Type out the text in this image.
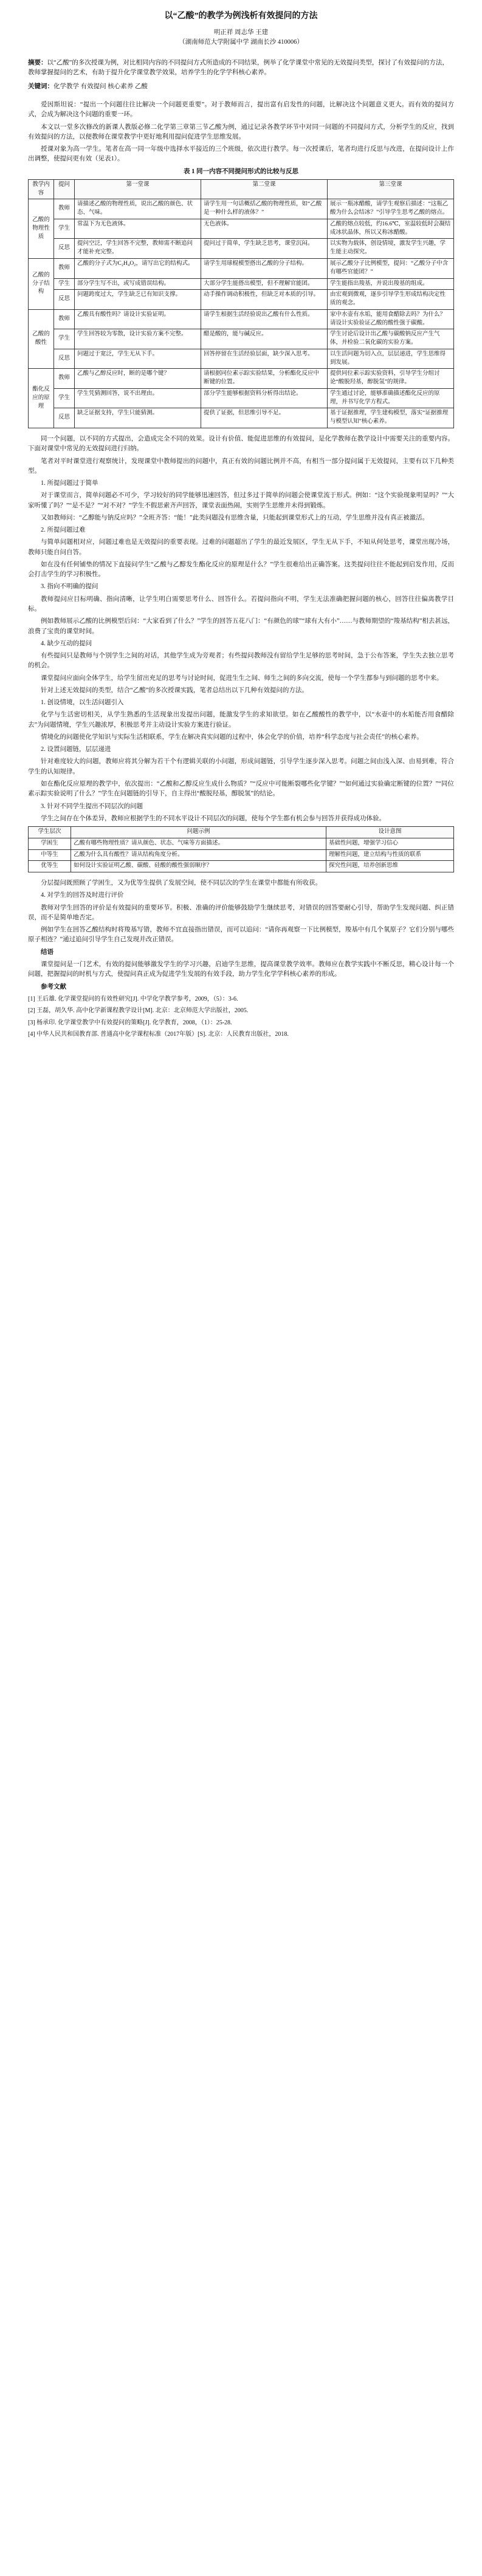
以“乙酸”的教学为例浅析有效提问的方法
明正祥 周志华 王建
（湖南师范大学附属中学 湖南长沙 410006）

摘要：以“乙酸”的多次授课为例，对比相同内容的不同提问方式所造成的不同结果，例举了化学课堂中常见的无效提问类型，探讨了有效提问的方法，教师掌握提问的艺术，有助于提升化学课堂教学效果，培养学生的化学学科核心素养。

关键词：化学教学 有效提问 核心素养 乙酸

爱因斯坦说：“提出一个问题往往比解决一个问题更重要”。对于教师而言，提出富有启发性的问题，比解决这个问题意义更大。而有效的提问方式，会成为解决这个问题的重要一环。

本文以一堂多次修改的新课人教版必修二化学第三章第三节乙酸为例，通过记录各教学环节中对同一问题的不同提问方式，分析学生的反应，找到有效提问的方法，以便教师在课堂教学中更好地利用提问促进学生思维发展。

授课对象为高一学生。笔者在高一同一年级中选择水平接近的三个班级，依次进行教学。每一次授课后，笔者均进行反思与改进，在提问设计上作出调整，使提问更有效（见表1）。

表 1 同一内容不同提问形式的比较与反思
教学内容	提问	第一堂课	第二堂课	第三堂课
乙酸的物理性质	教师	请描述乙酸的物理性质，说出乙酸的颜色、状态、气味。	请学生用一句话概括乙酸的物理性质，如“乙酸是一种什么样的液体？”	展示一瓶冰醋酸，请学生观察后描述：“这瓶乙酸为什么会结冰？”引导学生思考乙酸的熔点。
	学生	常温下为无色液体。	无色液体。	乙酸的熔点较低，约16.6℃，室温较低时会凝结成冰状晶体，所以又称冰醋酸。
	反思	提问空泛，学生回答不完整，教师需不断追问才能补充完整。	提问过于简单，学生缺乏思考，课堂沉闷。	以实物为载体，创设情境，激发学生兴趣，学生能主动探究。
乙酸的分子结构	教师	乙酸的分子式为C₂H₄O₂，请写出它的结构式。	请学生用球棍模型搭出乙酸的分子结构。	展示乙酸分子比例模型，提问：“乙酸分子中含有哪些官能团？”
	学生	部分学生写不出，或写成错误结构。	大部分学生能搭出模型，但不理解官能团。	学生能指出羧基，并说出羧基的组成。
	反思	问题跨度过大，学生缺乏已有知识支撑。	动手操作调动积极性，但缺乏对本质的引导。	由宏观到微观，逐步引导学生形成结构决定性质的观念。
乙酸的酸性	教师	乙酸具有酸性吗？请设计实验证明。	请学生根据生活经验说出乙酸有什么性质。	家中水壶有水垢，能用食醋除去吗？为什么？请设计实验验证乙酸的酸性强于碳酸。
	学生	学生回答较为零散，设计实验方案不完整。	醋是酸的，能与碱反应。	学生讨论后设计出乙酸与碳酸钠反应产生气体，并检验二氧化碳的实验方案。
	反思	问题过于宽泛，学生无从下手。	回答停留在生活经验层面，缺少深入思考。	以生活问题为切入点，层层递进，学生思维得到发展。
酯化反应的原理	教师	乙酸与乙醇反应时，断的是哪个键？	请根据同位素示踪实验结果，分析酯化反应中断键的位置。	提供同位素示踪实验资料，引导学生分组讨论“酸脱羟基，醇脱氢”的规律。
	学生	学生凭猜测回答，说不出理由。	部分学生能够根据资料分析得出结论。	学生通过讨论，能够准确描述酯化反应的原理，并书写化学方程式。
	反思	缺乏证据支持，学生只能猜测。	提供了证据，但思维引导不足。	基于证据推理，学生建构模型，落实“证据推理与模型认知”核心素养。

同一个问题，以不同的方式提出，会造成完全不同的效果。设计有价值、能促进思维的有效提问，是化学教师在教学设计中需要关注的重要内容。下面对课堂中常见的无效提问进行归纳。

笔者对平时课堂进行观察统计，发现课堂中教师提出的问题中，真正有效的问题比例并不高，有相当一部分提问属于无效提问，主要有以下几种类型。

1. 所提问题过于简单

对于课堂而言，简单问题必不可少，学习较好的同学能够迅速回答，但过多过于简单的问题会使课堂流于形式。例如：“这个实验现象明显吗？”“大家听懂了吗？”“是不是？”“对不对？”学生不假思索齐声回答，课堂表面热闹，实则学生思维并未得到锻炼。

又如教师问：“乙醇能与钠反应吗？”全班齐答：“能！”此类问题没有思维含量，只能起到课堂形式上的互动，学生思维并没有真正被激活。

2. 所提问题过难

与简单问题相对应，问题过难也是无效提问的重要表现。过难的问题超出了学生的最近发展区，学生无从下手，不知从何处思考，课堂出现冷场，教师只能自问自答。

如在没有任何铺垫的情况下直接问学生“乙酸与乙醇发生酯化反应的原理是什么？”学生很难给出正确答案。这类提问往往不能起到启发作用，反而会打击学生的学习积极性。

3. 指向不明确的提问

教师提问应目标明确、指向清晰，让学生明白需要思考什么、回答什么。若提问指向不明，学生无法准确把握问题的核心，回答往往偏离教学目标。

例如教师展示乙酸的比例模型后问：“大家看到了什么？”学生的回答五花八门：“有颜色的球”“球有大有小”……与教师期望的“羧基结构”相去甚远，浪费了宝贵的课堂时间。

4. 缺少互动的提问

有些提问只是教师与个别学生之间的对话，其他学生成为旁观者；有些提问教师没有留给学生足够的思考时间，急于公布答案，学生失去独立思考的机会。

课堂提问应面向全体学生，给学生留出充足的思考与讨论时间，促进生生之间、师生之间的多向交流，使每一个学生都参与到问题的思考中来。

针对上述无效提问的类型，结合“乙酸”的多次授课实践，笔者总结出以下几种有效提问的方法。

1. 创设情境，以生活问题引入

化学与生活密切相关，从学生熟悉的生活现象出发提出问题，能激发学生的求知欲望。如在乙酸酸性的教学中，以“水壶中的水垢能否用食醋除去”为问题情境，学生兴趣浓厚，积极思考并主动设计实验方案进行验证。

情境化的问题使化学知识与实际生活相联系，学生在解决真实问题的过程中，体会化学的价值，培养“科学态度与社会责任”的核心素养。

2. 设置问题链，层层递进

针对难度较大的问题，教师应将其分解为若干个有逻辑关联的小问题，形成问题链，引导学生逐步深入思考。问题之间由浅入深、由易到难，符合学生的认知规律。

如在酯化反应原理的教学中，依次提出：“乙酸和乙醇反应生成什么物质？”“反应中可能断裂哪些化学键？”“如何通过实验确定断键的位置？”“同位素示踪实验说明了什么？”学生在问题链的引导下，自主得出“酸脱羟基，醇脱氢”的结论。

3. 针对不同学生提出不同层次的问题

学生之间存在个体差异，教师应根据学生的不同水平设计不同层次的问题，使每个学生都有机会参与回答并获得成功体验。

学生层次	问题示例	设计意图
学困生	乙酸有哪些物理性质？请从颜色、状态、气味等方面描述。	基础性问题，增强学习信心
中等生	乙酸为什么具有酸性？请从结构角度分析。	理解性问题，建立结构与性质的联系
优等生	如何设计实验证明乙酸、碳酸、硅酸的酸性强弱顺序？	探究性问题，培养创新思维

分层提问既照顾了学困生，又为优等生提供了发展空间，使不同层次的学生在课堂中都能有所收获。

4. 对学生的回答及时进行评价

教师对学生回答的评价是有效提问的重要环节。积极、准确的评价能够鼓励学生继续思考，对错误的回答要耐心引导，帮助学生发现问题、纠正错误，而不是简单地否定。

例如学生在回答乙酸结构时将羧基写错，教师不宜直接指出错误，而可以追问：“请你再观察一下比例模型，羧基中有几个氧原子？它们分别与哪些原子相连？”通过追问引导学生自己发现并改正错误。

结语

课堂提问是一门艺术，有效的提问能够激发学生的学习兴趣，启迪学生思维，提高课堂教学效率。教师应在教学实践中不断反思，精心设计每一个问题，把握提问的时机与方式，使提问真正成为促进学生发展的有效手段，助力学生化学学科核心素养的形成。

参考文献

[1] 王后雄. 化学课堂提问的有效性研究[J]. 中学化学教学参考，2009，（5）：3-6.

[2] 王磊，胡久华. 高中化学新课程教学设计[M]. 北京：北京师范大学出版社，2005.

[3] 杨承印. 化学课堂教学中有效提问的策略[J]. 化学教育，2008，（1）：25-28.

[4] 中华人民共和国教育部. 普通高中化学课程标准（2017年版）[S]. 北京：人民教育出版社，2018.
